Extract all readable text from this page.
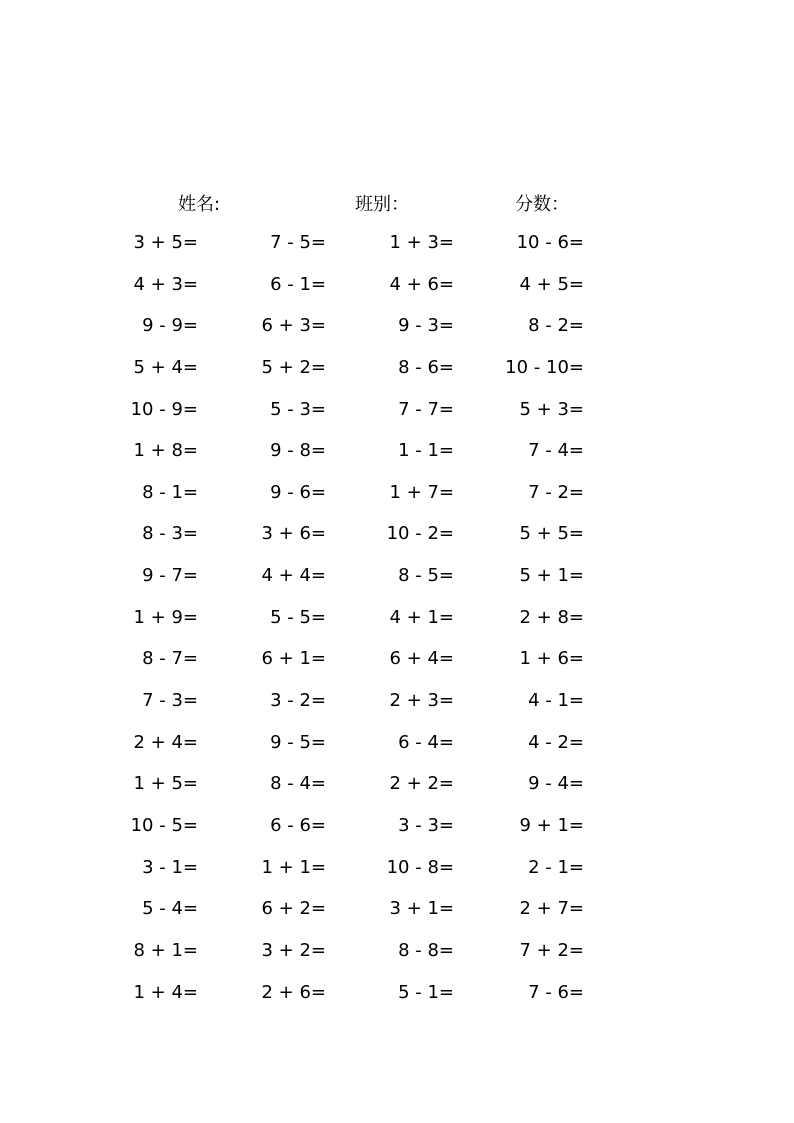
姓名:	班别：	分数：
3 + 5=	7 - 5=	1 + 3=	10 - 6=
4 + 3=	6 - 1=	4 + 6=	4 + 5=
9 - 9=	6 + 3=	9 - 3=	8 - 2=
5 + 4=	5 + 2=	8 - 6=	10 - 10=
10 - 9=	5 - 3=	7 - 7=	5 + 3=
1 + 8=	9 - 8=	1 - 1=	7 - 4=
8 - 1=	9 - 6=	1 + 7=	7 - 2=
8 - 3=	3 + 6=	10 - 2=	5 + 5=
9 - 7=	4 + 4=	8 - 5=	5 + 1=
1 + 9=	5 - 5=	4 + 1=	2 + 8=
8 - 7=	6 + 1=	6 + 4=	1 + 6=
7 - 3=	3 - 2=	2 + 3=	4 - 1=
2 + 4=	9 - 5=	6 - 4=	4 - 2=
1 + 5=	8 - 4=	2 + 2=	9 - 4=
10 - 5=	6 - 6=	3 - 3=	9 + 1=
3 - 1=	1 + 1=	10 - 8=	2 - 1=
5 - 4=	6 + 2=	3 + 1=	2 + 7=
8 + 1=	3 + 2=	8 - 8=	7 + 2=
1 + 4=	2 + 6=	5 - 1=	7 - 6=
